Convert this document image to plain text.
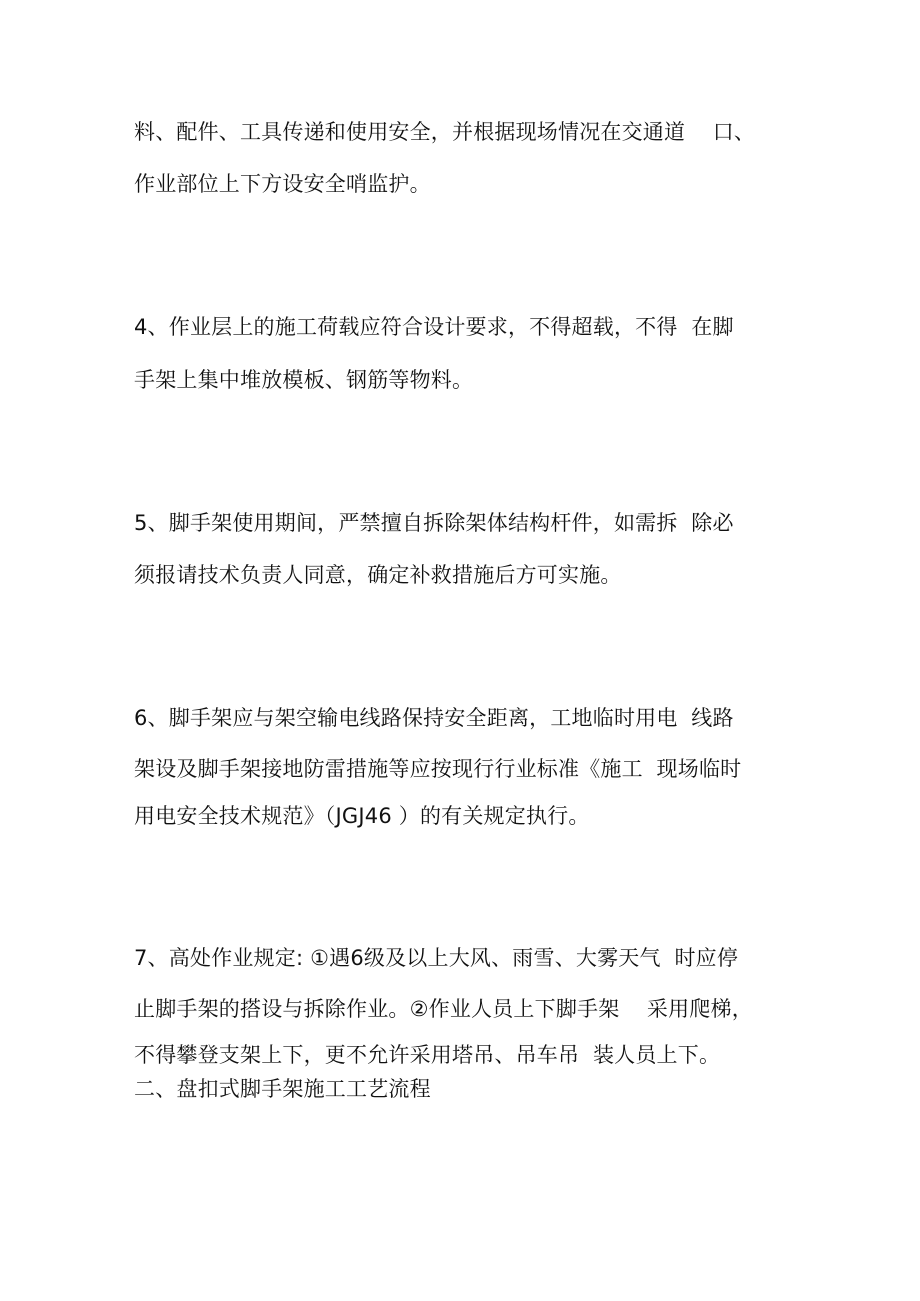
料、配件、工具传递和使用安全，并根据现场情况在交通道    口、
作业部位上下方设安全哨监护。
4、作业层上的施工荷载应符合设计要求，不得超载，不得  在脚
手架上集中堆放模板、钢筋等物料。
5、脚手架使用期间，严禁擅自拆除架体结构杆件，如需拆  除必
须报请技术负责人同意，确定补救措施后方可实施。
6、脚手架应与架空输电线路保持安全距离，工地临时用电  线路
架设及脚手架接地防雷措施等应按现行行业标准《施工  现场临时
用电安全技术规范》（JGJ46 ）的有关规定执行。
7、高处作业规定: ①遇6级及以上大风、雨雪、大雾天气  时应停
止脚手架的搭设与拆除作业。②作业人员上下脚手架    采用爬梯，
不得攀登支架上下，更不允许采用塔吊、吊车吊  装人员上下。
二、盘扣式脚手架施工工艺流程
